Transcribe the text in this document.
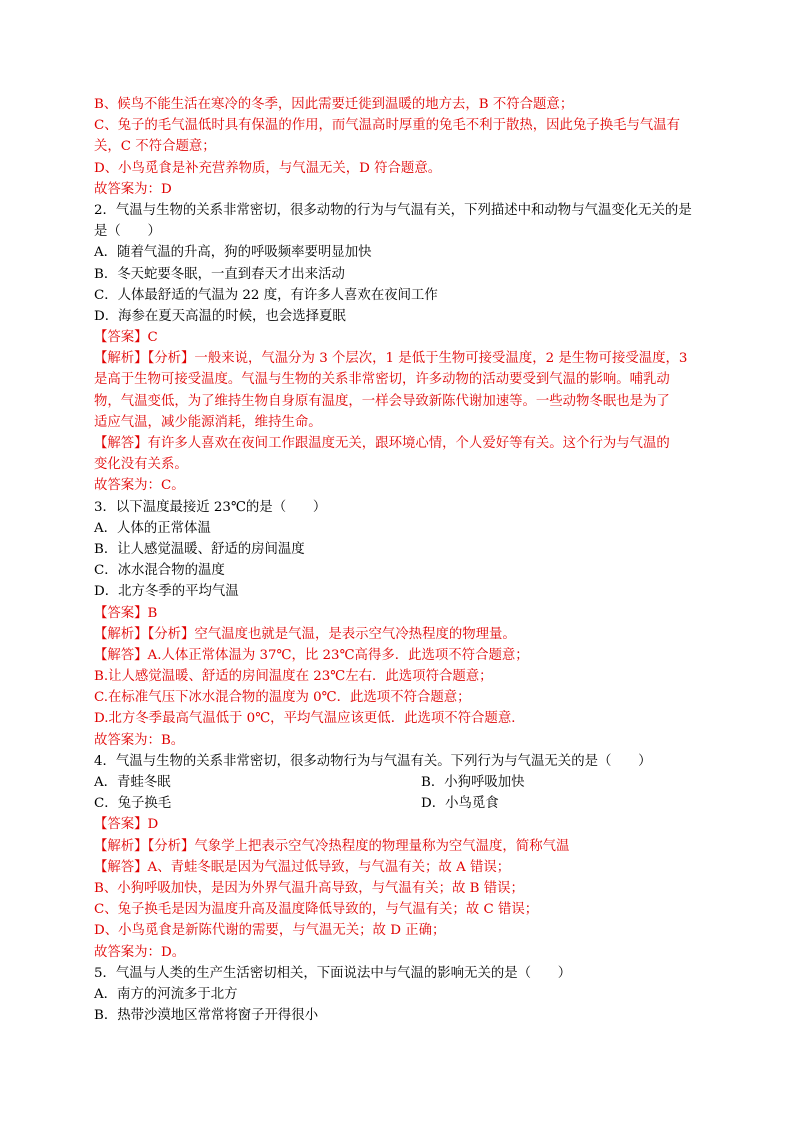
B、候鸟不能生活在寒冷的冬季，因此需要迁徙到温暖的地方去，B 不符合题意；
C、兔子的毛气温低时具有保温的作用，而气温高时厚重的兔毛不利于散热，因此兔子换毛与气温有
关，C 不符合题意；
D、小鸟觅食是补充营养物质，与气温无关，D 符合题意。
故答案为：D
2．气温与生物的关系非常密切，很多动物的行为与气温有关，下列描述中和动物与气温变化无关的是
是（　　）
A．随着气温的升高，狗的呼吸频率要明显加快
B．冬天蛇要冬眠，一直到春天才出来活动
C．人体最舒适的气温为 22 度，有许多人喜欢在夜间工作
D．海参在夏天高温的时候，也会选择夏眠
【答案】C
【解析】【分析】一般来说，气温分为 3 个层次，1 是低于生物可接受温度，2 是生物可接受温度，3
是高于生物可接受温度。气温与生物的关系非常密切，许多动物的活动要受到气温的影响。哺乳动
物，气温变低，为了维持生物自身原有温度，一样会导致新陈代谢加速等。一些动物冬眠也是为了
适应气温，减少能源消耗，维持生命。
【解答】有许多人喜欢在夜间工作跟温度无关，跟环境心情，个人爱好等有关。这个行为与气温的
变化没有关系。
故答案为：C。
3．以下温度最接近 23℃的是（　　）
A．人体的正常体温
B．让人感觉温暖、舒适的房间温度
C．冰水混合物的温度
D．北方冬季的平均气温
【答案】B
【解析】【分析】空气温度也就是气温，是表示空气冷热程度的物理量。
【解答】A.人体正常体温为 37℃，比 23℃高得多．此选项不符合题意；
B.让人感觉温暖、舒适的房间温度在 23℃左右．此选项符合题意；
C.在标准气压下冰水混合物的温度为 0℃．此选项不符合题意；
D.北方冬季最高气温低于 0℃，平均气温应该更低．此选项不符合题意．
故答案为：B。
4．气温与生物的关系非常密切，很多动物行为与气温有关。下列行为与气温无关的是（　　）
A．青蛙冬眠	B．小狗呼吸加快
C．兔子换毛	D．小鸟觅食
【答案】D
【解析】【分析】气象学上把表示空气冷热程度的物理量称为空气温度，简称气温
【解答】A、青蛙冬眠是因为气温过低导致，与气温有关；故 A 错误；
B、小狗呼吸加快，是因为外界气温升高导致，与气温有关；故 B 错误；
C、兔子换毛是因为温度升高及温度降低导致的，与气温有关；故 C 错误；
D、小鸟觅食是新陈代谢的需要，与气温无关；故 D 正确；
故答案为：D。
5．气温与人类的生产生活密切相关，下面说法中与气温的影响无关的是（　　）
A．南方的河流多于北方
B．热带沙漠地区常常将窗子开得很小
